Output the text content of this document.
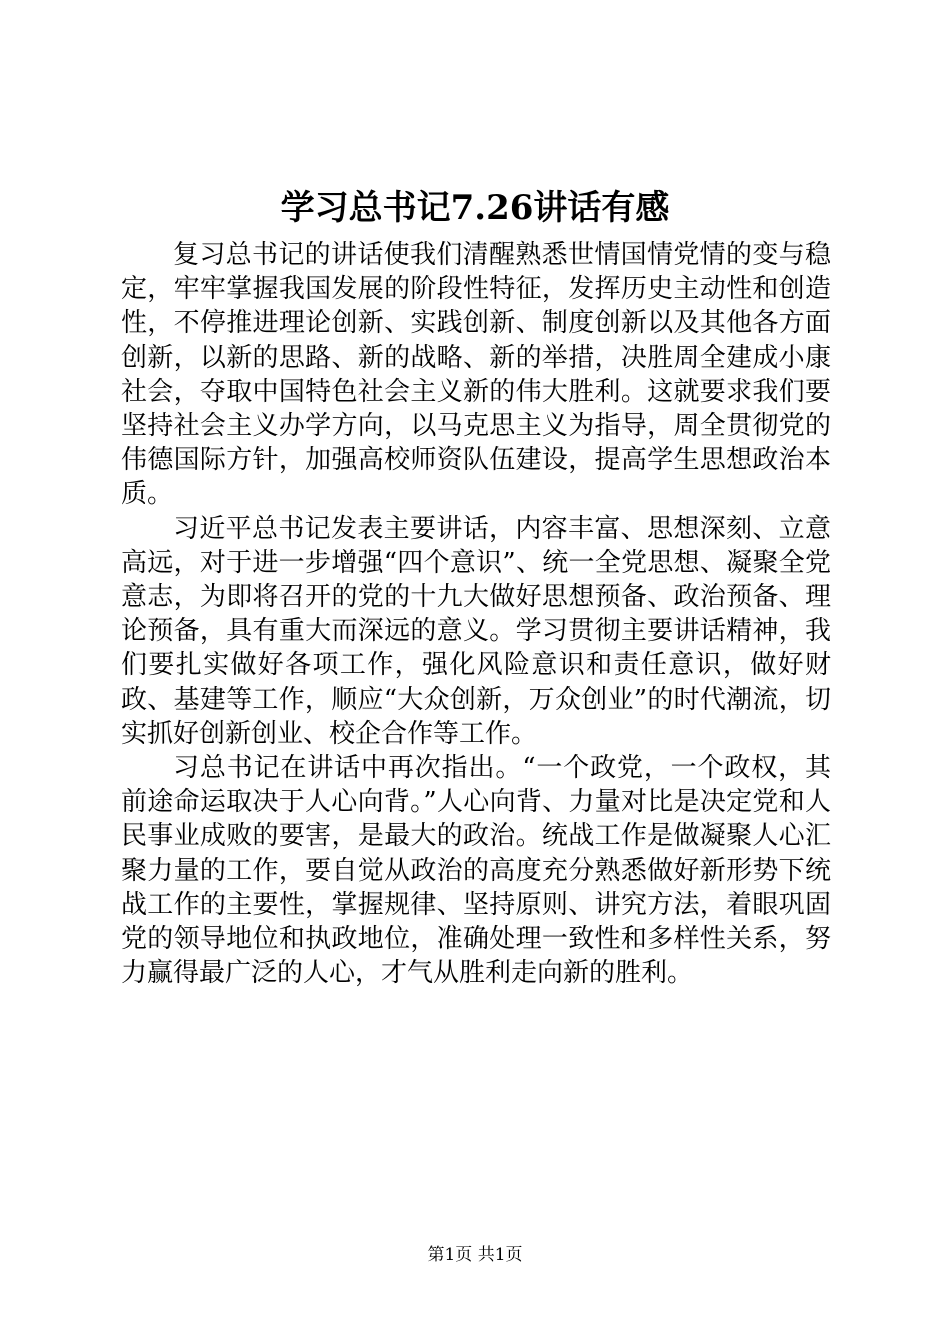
学习总书记7.26讲话有感

复习总书记的讲话使我们清醒熟悉世情国情党情的变与稳定，牢牢掌握我国发展的阶段性特征，发挥历史主动性和创造性，不停推进理论创新、实践创新、制度创新以及其他各方面创新，以新的思路、新的战略、新的举措，决胜周全建成小康社会，夺取中国特色社会主义新的伟大胜利。这就要求我们要坚持社会主义办学方向，以马克思主义为指导，周全贯彻党的伟德国际方针，加强高校师资队伍建设，提高学生思想政治本质。

习近平总书记发表主要讲话，内容丰富、思想深刻、立意高远，对于进一步增强“四个意识”、统一全党思想、凝聚全党意志，为即将召开的党的十九大做好思想预备、政治预备、理论预备，具有重大而深远的意义。学习贯彻主要讲话精神，我们要扎实做好各项工作，强化风险意识和责任意识，做好财政、基建等工作，顺应“大众创新，万众创业”的时代潮流，切实抓好创新创业、校企合作等工作。

习总书记在讲话中再次指出。“一个政党，一个政权，其前途命运取决于人心向背。”人心向背、力量对比是决定党和人民事业成败的要害，是最大的政治。统战工作是做凝聚人心汇聚力量的工作，要自觉从政治的高度充分熟悉做好新形势下统战工作的主要性，掌握规律、坚持原则、讲究方法，着眼巩固党的领导地位和执政地位，准确处理一致性和多样性关系，努力赢得最广泛的人心，才气从胜利走向新的胜利。

第1页 共1页
